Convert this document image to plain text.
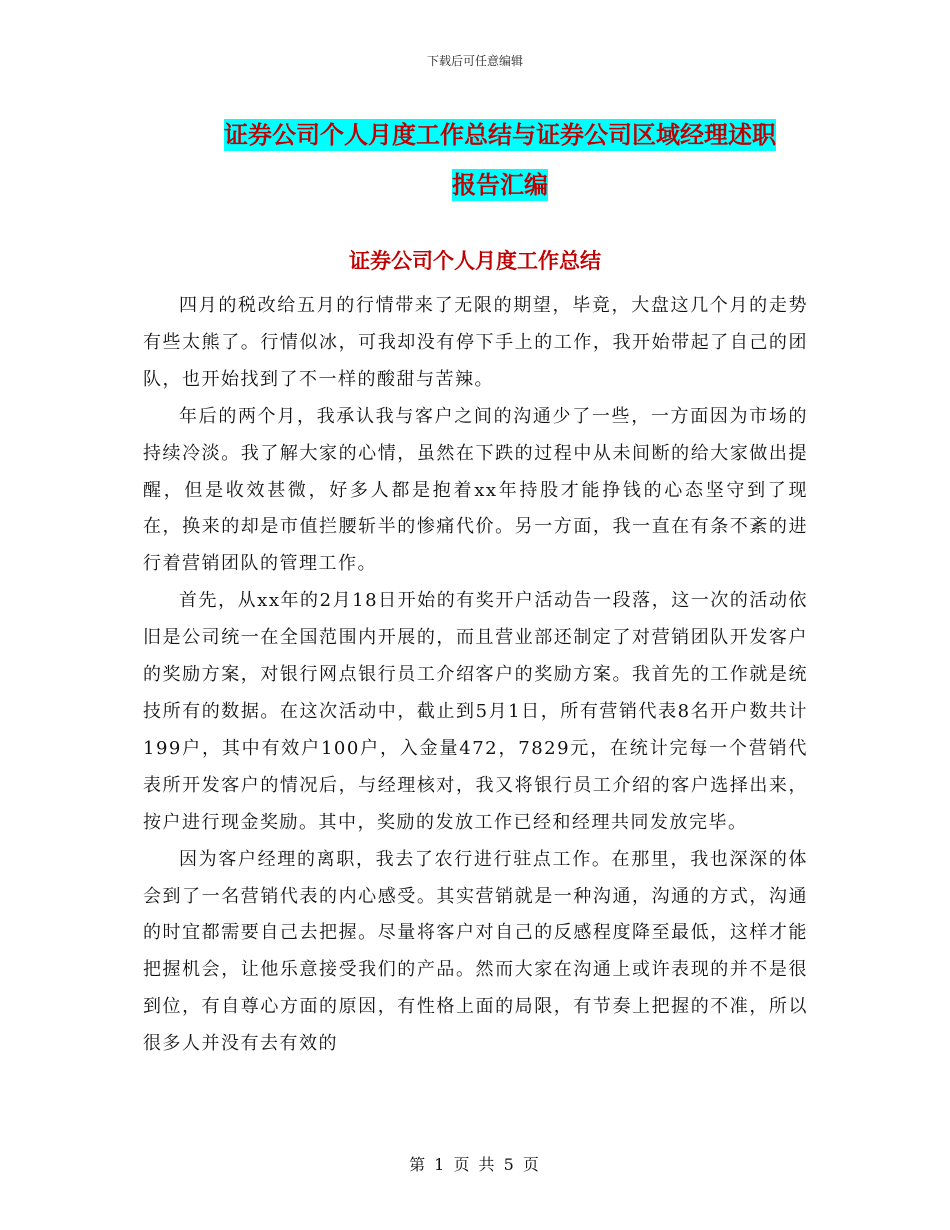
下载后可任意编辑
证券公司个人月度工作总结与证券公司区域经理述职
报告汇编
证券公司个人月度工作总结

四月的税改给五月的行情带来了无限的期望，毕竟，大盘这几个月的走势有些太熊了。行情似冰，可我却没有停下手上的工作，我开始带起了自己的团队，也开始找到了不一样的酸甜与苦辣。

年后的两个月，我承认我与客户之间的沟通少了一些，一方面因为市场的持续冷淡。我了解大家的心情，虽然在下跌的过程中从未间断的给大家做出提醒，但是收效甚微，好多人都是抱着xx年持股才能挣钱的心态坚守到了现在，换来的却是市值拦腰斩半的惨痛代价。另一方面，我一直在有条不紊的进行着营销团队的管理工作。

首先，从xx年的2月18日开始的有奖开户活动告一段落，这一次的活动依旧是公司统一在全国范围内开展的，而且营业部还制定了对营销团队开发客户的奖励方案，对银行网点银行员工介绍客户的奖励方案。我首先的工作就是统技所有的数据。在这次活动中，截止到5月1日，所有营销代表8名开户数共计199户，其中有效户100户，入金量472，7829元，在统计完每一个营销代表所开发客户的情况后，与经理核对，我又将银行员工介绍的客户选择出来，按户进行现金奖励。其中，奖励的发放工作已经和经理共同发放完毕。

因为客户经理的离职，我去了农行进行驻点工作。在那里，我也深深的体会到了一名营销代表的内心感受。其实营销就是一种沟通，沟通的方式，沟通的时宜都需要自己去把握。尽量将客户对自己的反感程度降至最低，这样才能把握机会，让他乐意接受我们的产品。然而大家在沟通上或许表现的并不是很到位，有自尊心方面的原因，有性格上面的局限，有节奏上把握的不准，所以很多人并没有去有效的

第 1 页 共 5 页
